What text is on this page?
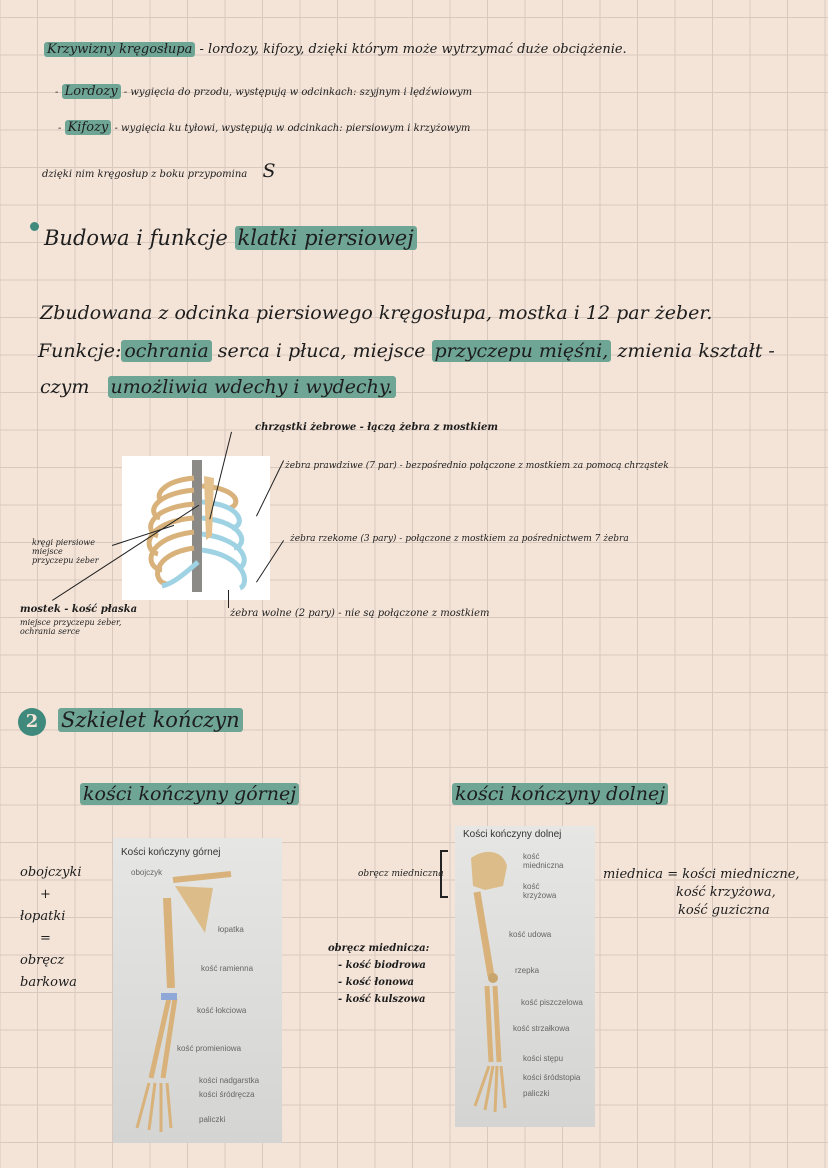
Krzywizny kręgosłupa - lordozy, kifozy, dzięki którym może wytrzymać duże obciążenie.
- Lordozy - wygięcia do przodu, występują w odcinkach: szyjnym i lędźwiowym
- Kifozy - wygięcia ku tyłowi, występują w odcinkach: piersiowym i krzyżowym
dzięki nim kręgosłup z boku przypomina S
Budowa i funkcje klatki piersiowej
Zbudowana z odcinka piersiowego kręgosłupa, mostka i 12 par żeber.
Funkcje: ochrania serca i płuca, miejsce przyczepu mięśni, zmienia kształt -
czym umożliwia wdechy i wydechy.
chrząstki żebrowe - łączą żebra z mostkiem
żebra prawdziwe (7 par) - bezpośrednio połączone z mostkiem za pomocą chrząstek
żebra rzekome (3 pary) - połączone z mostkiem za pośrednictwem 7 żebra
żebra wolne (2 pary) - nie są połączone z mostkiem
kręgi piersiowe miejsce przyczepu żeber
mostek - kość płaska
miejsce przyczepu żeber, ochrania serce
2	Szkielet kończyn
kości kończyny górnej	kości kończyny dolnej
obojczyki
+
łopatki
=
obręcz
barkowa
Kości kończyny górnej
obojczyk
łopatka
kość ramienna
kość łokciowa
kość promieniowa
kości nadgarstka
kości śródręcza
paliczki
obręcz miedniczna	miednica = kości miedniczne,
kość krzyżowa,
kość guziczna
obręcz miednicza:
- kość biodrowa
- kość łonowa
- kość kulszowa
Kości kończyny dolnej
kość miedniczna
kość krzyżowa
kość udowa
rzepka
kość piszczelowa
kość strzałkowa
kości stępu
kości śródstopia
paliczki
